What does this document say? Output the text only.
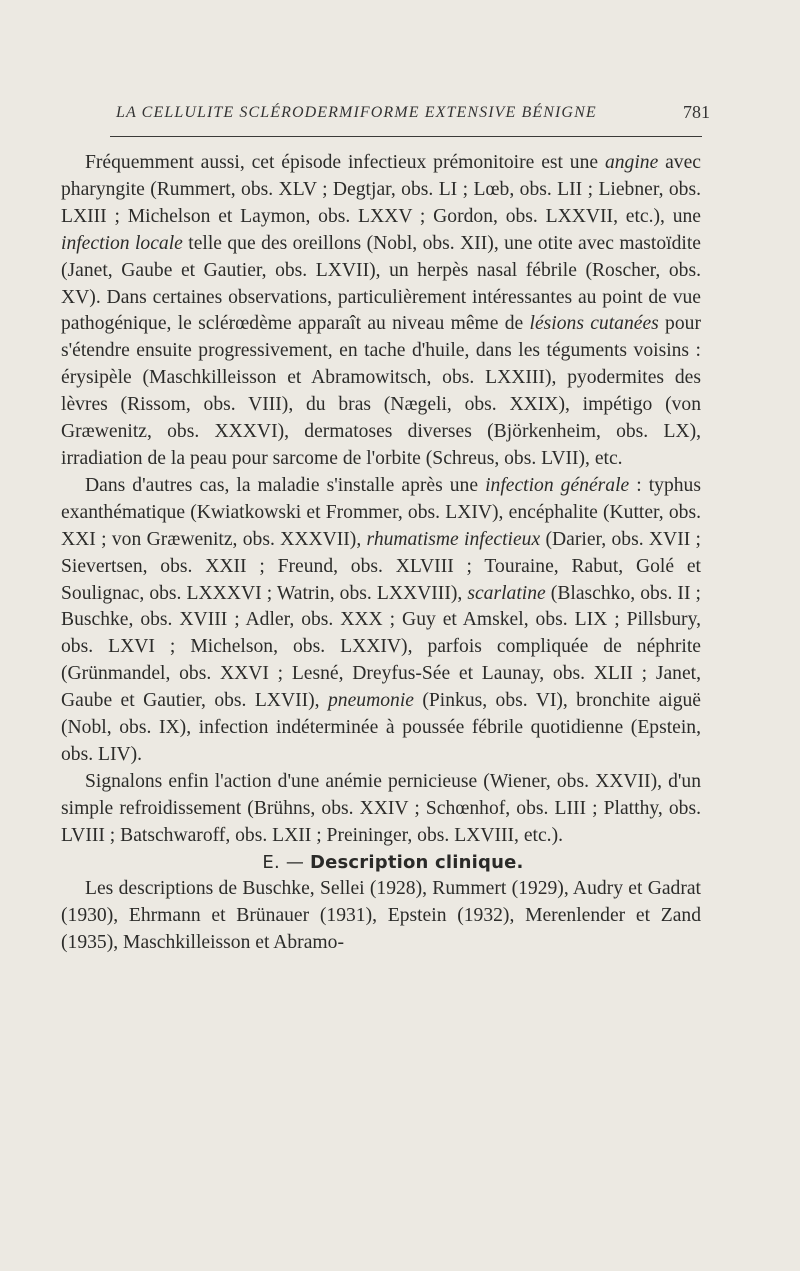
LA CELLULITE SCLÉRODERMIFORME EXTENSIVE BÉNIGNE	781

Fréquemment aussi, cet épisode infectieux prémonitoire est une angine avec pharyngite (Rummert, obs. XLV ; Degtjar, obs. LI ; Lœb, obs. LII ; Liebner, obs. LXIII ; Michelson et Laymon, obs. LXXV ; Gordon, obs. LXXVII, etc.), une infection locale telle que des oreillons (Nobl, obs. XII), une otite avec mastoïdite (Janet, Gaube et Gautier, obs. LXVII), un herpès nasal fébrile (Roscher, obs. XV). Dans certaines observations, particulièrement intéressantes au point de vue pathogénique, le sclérœdème apparaît au niveau même de lésions cutanées pour s'étendre ensuite progressivement, en tache d'huile, dans les téguments voisins : érysipèle (Maschkilleisson et Abramowitsch, obs. LXXIII), pyodermites des lèvres (Rissom, obs. VIII), du bras (Nægeli, obs. XXIX), impétigo (von Græwenitz, obs. XXXVI), dermatoses diverses (Björkenheim, obs. LX), irradiation de la peau pour sarcome de l'orbite (Schreus, obs. LVII), etc.

Dans d'autres cas, la maladie s'installe après une infection générale : typhus exanthématique (Kwiatkowski et Frommer, obs. LXIV), encéphalite (Kutter, obs. XXI ; von Græwenitz, obs. XXXVII), rhumatisme infectieux (Darier, obs. XVII ; Sievertsen, obs. XXII ; Freund, obs. XLVIII ; Touraine, Rabut, Golé et Soulignac, obs. LXXXVI ; Watrin, obs. LXXVIII), scarlatine (Blaschko, obs. II ; Buschke, obs. XVIII ; Adler, obs. XXX ; Guy et Amskel, obs. LIX ; Pillsbury, obs. LXVI ; Michelson, obs. LXXIV), parfois compliquée de néphrite (Grünmandel, obs. XXVI ; Lesné, Dreyfus-Sée et Launay, obs. XLII ; Janet, Gaube et Gautier, obs. LXVII), pneumonie (Pinkus, obs. VI), bronchite aiguë (Nobl, obs. IX), infection indéterminée à poussée fébrile quotidienne (Epstein, obs. LIV).

Signalons enfin l'action d'une anémie pernicieuse (Wiener, obs. XXVII), d'un simple refroidissement (Brühns, obs. XXIV ; Schœnhof, obs. LIII ; Platthy, obs. LVIII ; Batschwaroff, obs. LXII ; Preininger, obs. LXVIII, etc.).

E. — Description clinique.

Les descriptions de Buschke, Sellei (1928), Rummert (1929), Audry et Gadrat (1930), Ehrmann et Brünauer (1931), Epstein (1932), Merenlender et Zand (1935), Maschkilleisson et Abramo-
